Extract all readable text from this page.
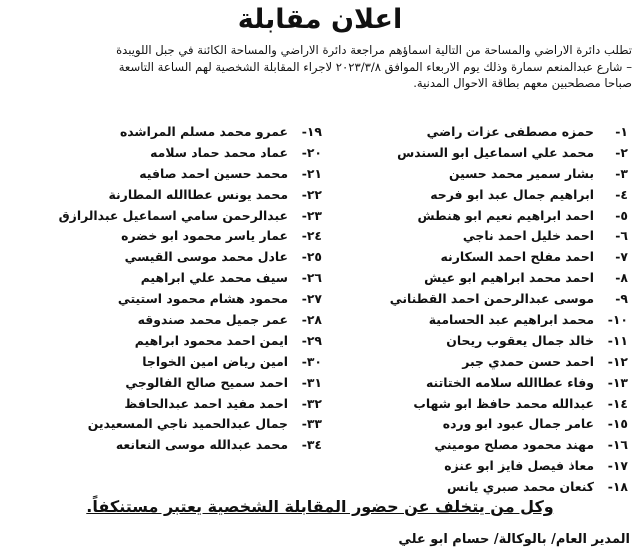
اعلان مقابلة

تطلب دائرة الاراضي والمساحة من التالية اسماؤهم مراجعة دائرة الاراضي والمساحة الكائنة في جبل اللويبدة

– شارع عبدالمنعم سمارة وذلك يوم الاربعاء الموافق ٢٠٢٣/٣/٨ لاجراء المقابلة الشخصية لهم الساعة التاسعة

صباحا مصطحبين معهم بطاقة الاحوال المدنية.

١-حمزه مصطفى عزات راضي
٢-محمد علي اسماعيل ابو السندس
٣-بشار سمير محمد حسين
٤-ابراهيم جمال عبد ابو فرحه
٥-احمد ابراهيم نعيم ابو هنطش
٦-احمد خليل احمد ناجي
٧-احمد مفلح احمد السكارنه
٨-احمد محمد ابراهيم ابو عيش
٩-موسى عبدالرحمن احمد القطناني
١٠-محمد ابراهيم عبد الحسامية
١١-خالد جمال يعقوب ريحان
١٢-احمد حسن حمدي جبر
١٣-وفاء عطاالله سلامه الختاتنه
١٤-عبدالله محمد حافظ ابو شهاب
١٥-عامر جمال عبود ابو ورده
١٦-مهند محمود مصلح موميني
١٧-معاذ فيصل فايز ابو عنزه
١٨-كنعان محمد صبري يانس
١٩-عمرو محمد مسلم المراشده
٢٠-عماد محمد حماد سلامه
٢١-محمد حسين احمد صافيه
٢٢-محمد يونس عطاالله المطارنة
٢٣-عبدالرحمن سامي اسماعيل عبدالرازق
٢٤-عمار ياسر محمود ابو خضره
٢٥-عادل محمد موسى القيسي
٢٦-سيف محمد علي ابراهيم
٢٧-محمود هشام محمود استيتي
٢٨-عمر جميل محمد صندوقه
٢٩-ايمن احمد محمود ابراهيم
٣٠-امين رياض امين الخواجا
٣١-احمد سميح صالح الفالوجي
٣٢-احمد مفيد احمد عبدالحافظ
٣٣-جمال عبدالحميد ناجي المسعيدين
٣٤-محمد عبدالله موسى النعانعه
وكل من يتخلف عن حضور المقابلة الشخصية يعتبر مستنكفاً.
المدير العام/ بالوكالة/ حسام ابو علي
